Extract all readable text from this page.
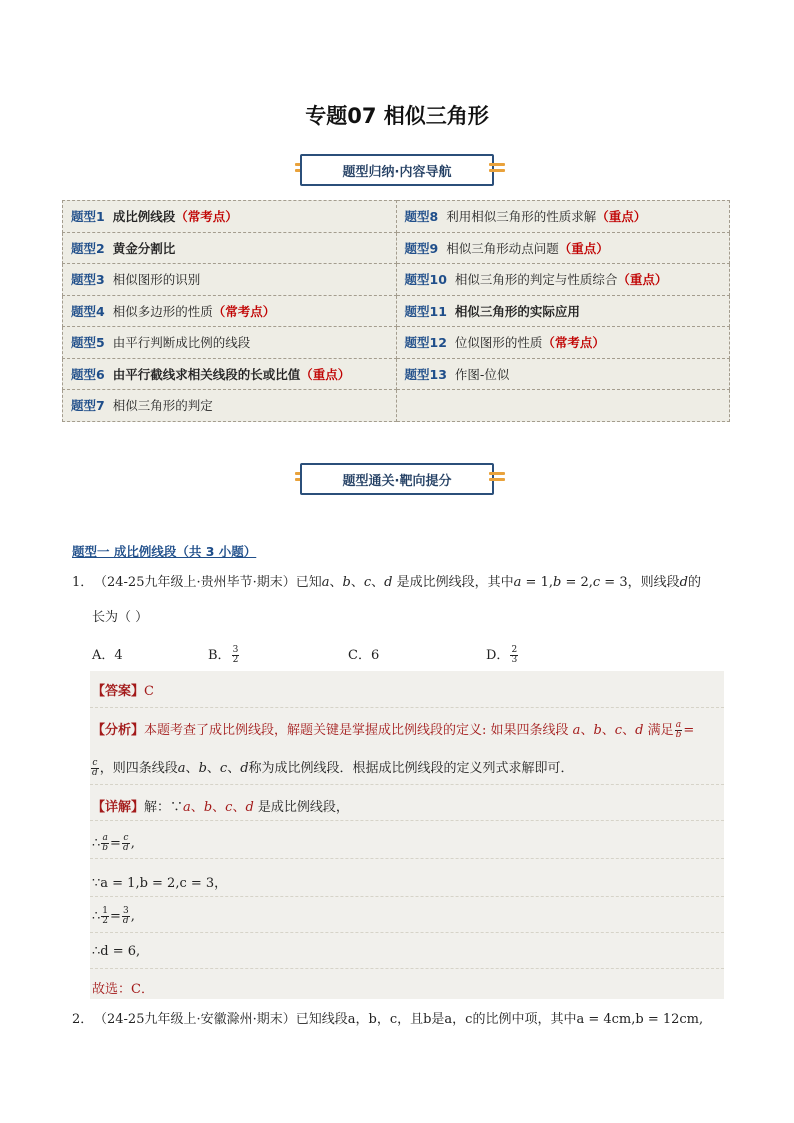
专题07 相似三角形
题型归纳·内容导航
题型1 成比例线段（常考点）	题型8 利用相似三角形的性质求解（重点）
题型2 黄金分割比	题型9 相似三角形动点问题（重点）
题型3 相似图形的识别	题型10 相似三角形的判定与性质综合（重点）
题型4 相似多边形的性质（常考点）	题型11 相似三角形的实际应用
题型5 由平行判断成比例的线段	题型12 位似图形的性质（常考点）
题型6 由平行截线求相关线段的长或比值（重点）	题型13 作图-位似
题型7 相似三角形的判定	
题型通关·靶向提分
题型一 成比例线段（共 3 小题）
1．（24-25九年级上·贵州毕节·期末）已知a、b、c、d 是成比例线段，其中a = 1,b = 2,c = 3，则线段d的
长为（ ）
A．4	B． $\frac{3}{2}$	C．6	D． $\frac{2}{3}$
【答案】C
【分析】本题考查了成比例线段，解题关键是掌握成比例线段的定义: 如果四条线段 a、b、c、d 满足 $\frac{a}{b}$ =
$\frac{c}{d}$ ，则四条线段a、b、c、d称为成比例线段．根据成比例线段的定义列式求解即可．
【详解】解：∵a、b、c、d 是成比例线段，
∴ $\frac{a}{b} = \frac{c}{d}$ ,
∵a = 1,b = 2,c = 3，
∴ $\frac{1}{2} = \frac{3}{d}$ ,
∴d = 6,
故选：C．
2．（24-25九年级上·安徽滁州·期末）已知线段a，b，c，且b是a，c的比例中项，其中a = 4cm,b = 12cm,
